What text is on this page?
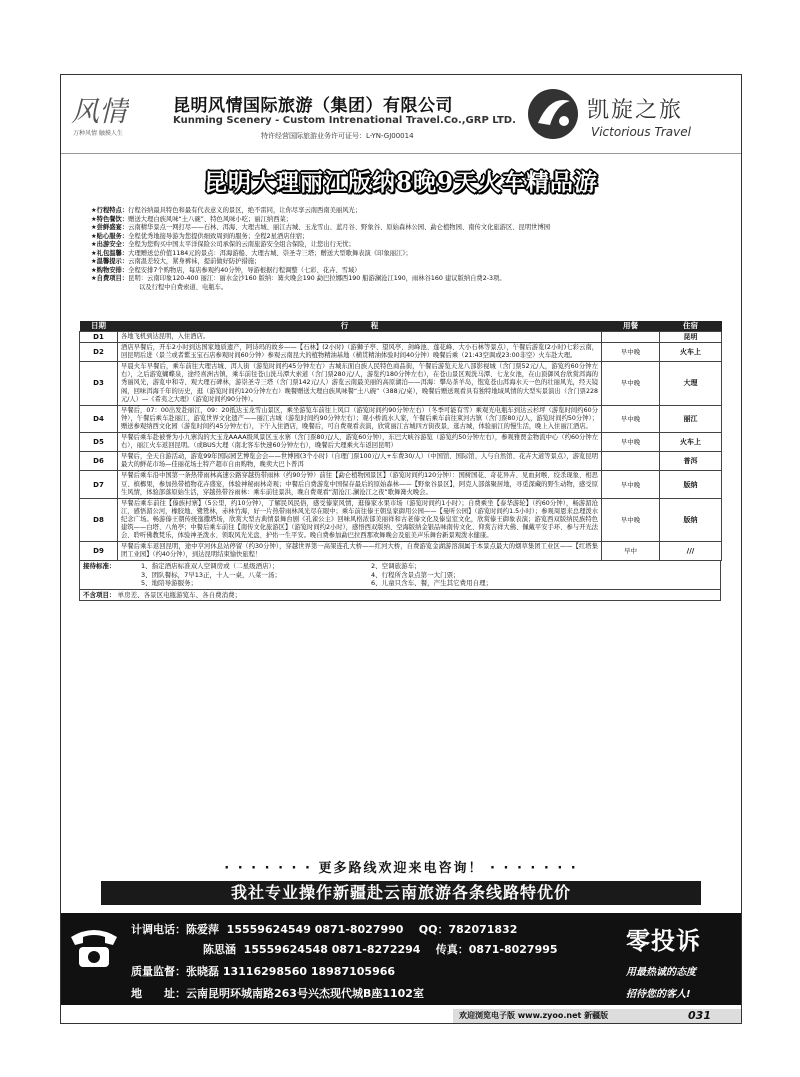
风情
万种风情 触摸人生
昆明风情国际旅游（集团）有限公司
Kunming Scenery - Custom Intrenational Travel.Co.,GRP LTD.
特许经营国际旅游业务许可证号：L-YN-GJ00014
凯旋之旅
Victorious Travel
昆明大理丽江版纳8晚9天火车精品游
★行程特点： 行程谷纳最具特色和最有代表意义的景区，绝不雷同，让你尽享云南西南美丽风光；
★特色餐饮： 赠送大理白族风味“土八碗”、特色风味小吃；丽江纳西菜；
★尝鲜盛宴： 云南精华景点一网打尽——石林、洱海、大理古城、丽江古城、玉龙雪山、蓝月谷、野象谷、原始森林公园、勐仑植物园、南传文化旅游区、昆明世博园
★贴心服务： 全程优秀地接导游为您提供细致周到的服务；全程2星酒店住宿；
★出游安全： 全程为您购买中国太平洋保险公司承保的云南旅游安全组合保险，让您出行无忧；
★礼包温馨： 大理赠送总价值1184元的景点：洱海游船、大理古城、崇圣寺三塔；赠送大型歌舞表演《印象丽江》；
★温馨提示： 云南温差较大，紧身裤袜，提前做好防护措施；
★购物安排： 全程安排7个购物店，每店参观约40分钟，导游根据行程调整（七彩、花卉、雪域）
★自费项目： 昆明：云南印象120-400 丽江：丽水金沙160 版纳：篝火晚会190 勐巴拉娜西190 船游澜沧江190，雨林谷160 建议版纳自费2-3项。
以及行程中自费索道、电瓶车。
日期	行　　　程	用餐	住宿
D1	各地飞机到达昆明，入住酒店。		昆明
D2	酒店早餐后，开车2小时到达国家地质遗产，阿诗玛的故乡——【石林】(2小时)（游狮子亭、望风亭、剑峰池、莲花峰、大小石林等景点），午餐后游览(2小时)七彩云南，回昆明后进（景兰或者紫玉宝石店参观时间60分钟）参观云南昆大的植物精油基地（横贯精油体验时间40分钟）晚餐后乘（21:43空调或23:00非空）火车赴大理。	早中晚	火车上
D3	早晨火车早餐后，乘车前往大理古城、洱人街（游览时间约45分钟左右）古城东面白族人民特色商品街，午餐后游览天龙八部影视城（含门票52元/人，游览约60分钟左右），之后游览蝴蝶泉，途经喜洲古镇，乘车前往苍山洗马潭大索道（含门票280元/人，游览约180分钟左右），在苍山景区观洗马潭、七龙女池，在山顶御风台欣赏洱海的秀丽风光，游览中和寺、观大理石碑林，游崇圣寺三塔（含门票142元/人）游览云南最美丽的高原湖泊——洱海：攀岛茶羊岛，饱览苍山洱海水天一色的壮丽风光，经天镜阁，回味洱海千年的历史，逛（游览时间约120分钟左右）晚餐赠送大理白族风味餐“土八碗”（388元/桌），晚餐后赠送观看具有独特地域风情的大型实景演出（含门票228元/人）—《希夷之大理》（游览时间约90分钟）。	早中晚	大理
D4	早餐后，07：00出发赴丽江，09：20抵达玉龙雪山景区，乘坐游览车前往上风口（游览时间约90分钟左右）（冬季可能有雪）乘观光电瓶车到达云杉坪（游览时间约60分钟），午餐后乘车赴丽江，游览世界文化遗产——丽江古城（游览时间约90分钟左右）；观小桥流水人家，午餐后乘车前往束河古镇（含门票80元/人，游览时间约50分钟）；赠送参观纳西文化园（游览时间约45分钟左右），下午入住酒店，晚餐后，可自费观看表演，欣赏丽江古城四方街夜景，逛古城，体验丽江的慢生活，晚上入住丽江酒店。	早中晚	丽江
D5	早餐后乘车赴被誉为小九寨沟的大玉龙AAAA级风景区玉水寨（含门票80元/人，游览60分钟），东巴大峡谷游览（游览约50分钟左右），参观雅贾金物流中心（约60分钟左右），丽江火车返回昆明。（或BUS大理（南北客车快速60分钟左右），晚餐后大理乘火车返回昆明）	早中晚	火车上
D6	早餐后，全天自游活动，游览99年国际园艺博览会会——世博园(3个小时)（自理门票100元/人+车费30/人）（中国馆、国际馆、人与自然馆、花卉大道等景点），游览昆明最大的鲜花市场—佳丽花场土特产超市自由购物，晚卖大巴卜普洱		普洱
D7	早餐后乘车沿中国第一条热带雨林高速公路穿越热带雨林（约90分钟）前往【勐仑植物园景区】（游览时间约120分钟）：国树国花、奇花异卉、见血封喉、绞杀现象、相思豆、槟榔果，参加热带植物花卉盛宴，体验神秘雨林奇观；中餐后自费游览中国保存最后的原始森林——【野象谷景区】，阿克人部落聚居地，寻觅深藏的野生动物，感受原生风情，体验部落原始生活，穿越热带谷雨林：乘车前往景洪，晚自费观看“湄沧江.澜沧江之夜”歌舞篝火晚会。	早中晚	版纳
D8	早餐后乘车前往【傣族村寨】（5公里，约10分钟），了解民风民俗，感受傣家风情，逛傣家水果市场（游览时间约1小时）；自费乘坐【泰华游轮】（约60分钟），畅游湄沧江，感悟湄公河，橡胶地、鹭鸶林，赤林竹海，好一片热带雨林风光尽在眼中；乘车前往傣王朝皇家御用公园——【曼听公园】（游览时间约1.5小时）；参观周恩来总理泼水纪念广场。畅游傣王朝传统迤撒塔场，欣赏大型古典情景舞台剧《孔雀公主》回味风格浓郁美丽祥和古老傣文化及傣皇室文化，欣赏傣王御象表演；游览西双版纳民族特色建筑——白塔、八角亭；中餐后乘车前往【南传文化旅游区】（游览时间约2小时），感悟西双版纳、空海版纳金银品味南传文化、仰赏吉祥大佛、佩戴平安手环、参与开光法会、聆听佛教梵乐，体验神圣泼水、领取风光光盘、护佑一生平安。晚自费参加勐巴拉西那欢舞晚会及旅美声乐舞台新景观泼水健康。	早中晚	版纳
D9	早餐后乘车返回昆明，途中亨河休息站停留（约30分钟），穿越世界第一高架连孔大桥——红河大桥，自费游览金湖游溶洞属于本景点最大的烟草集团工业区——【红塔集团工业园】（约40分钟），到达昆明结束愉快旅程！	早中	///
接待标准：	1、指定酒店标准双人空调房或（二星级酒店）；	2、空调旅游车；
3、团队餐标，7早13正，十人一桌，八菜一汤；	4、行程所含景点第一大门票；
5、地陪导游服务；	6、儿童只含车、餐，产生其它费用自理；
不含项目： 单房差、各景区电瓶游览车、各自费消费；
· · · · · · · 更多路线欢迎来电咨询！ · · · · · · ·
我社专业操作新疆赴云南旅游各条线路特优价
计调电话：陈爱萍 15559624549 0871-8027990 QQ：782071832
陈思涵 15559624548 0871-8272294 传真：0871-8027995
质量监督：张晓磊 13116298560 18987105966
地　　址：云南昆明环城南路263号兴杰现代城B座1102室
零投诉
用最热诚的态度
招待您的客人!
欢迎浏览电子版 www.zyoo.net 新疆版	031
